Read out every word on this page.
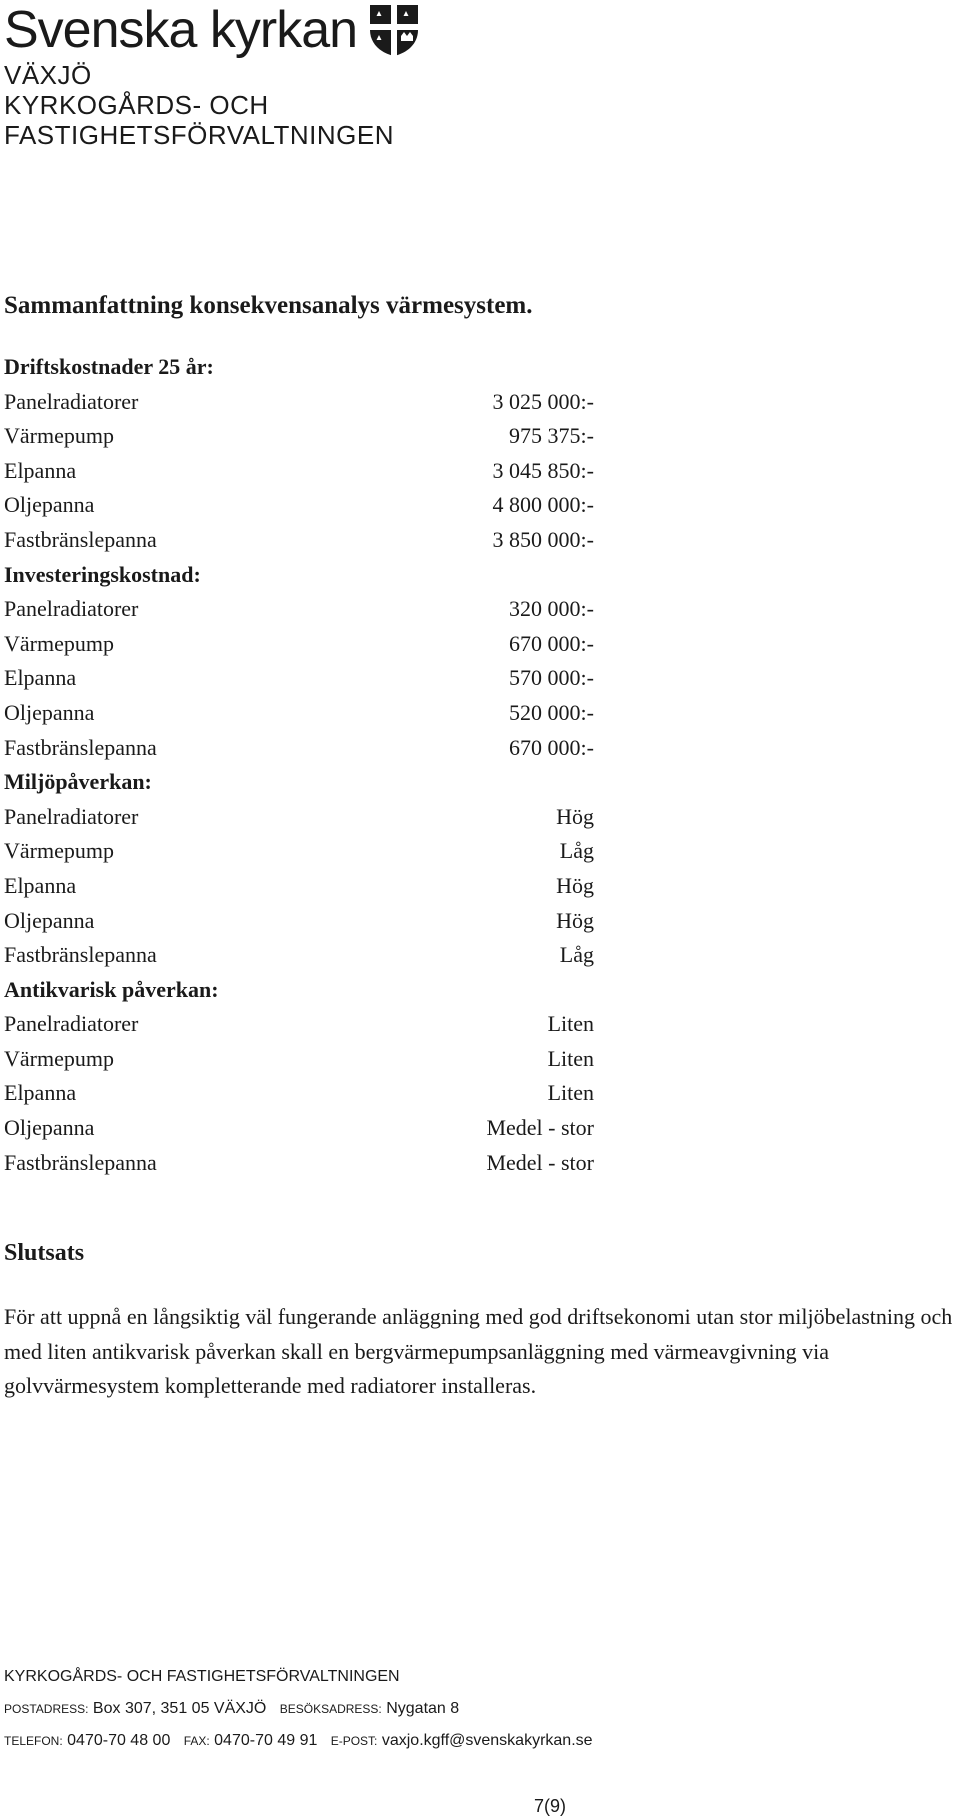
Svenska kyrkan
VÄXJÖ
KYRKOGÅRDS- OCH
FASTIGHETSFÖRVALTNINGEN
Sammanfattning konsekvensanalys värmesystem.
Driftskostnader 25 år:
Panelradiatorer	3 025 000:-
Värmepump	975 375:-
Elpanna	3 045 850:-
Oljepanna	4 800 000:-
Fastbränslepanna	3 850 000:-
Investeringskostnad:
Panelradiatorer	320 000:-
Värmepump	670 000:-
Elpanna	570 000:-
Oljepanna	520 000:-
Fastbränslepanna	670 000:-
Miljöpåverkan:
Panelradiatorer	Hög
Värmepump	Låg
Elpanna	Hög
Oljepanna	Hög
Fastbränslepanna	Låg
Antikvarisk påverkan:
Panelradiatorer	Liten
Värmepump	Liten
Elpanna	Liten
Oljepanna	Medel - stor
Fastbränslepanna	Medel - stor
Slutsats

För att uppnå en långsiktig väl fungerande anläggning med god driftsekonomi utan stor miljöbelastning och med liten antikvarisk påverkan skall en bergvärmepumpsanläggning med värmeavgivning via golvvärmesystem kompletterande med radiatorer installeras.

KYRKOGÅRDS- OCH FASTIGHETSFÖRVALTNINGEN
POSTADRESS: Box 307, 351 05 VÄXJÖ BESÖKSADRESS: Nygatan 8
TELEFON: 0470-70 48 00 FAX: 0470-70 49 91 E-POST: vaxjo.kgff@svenskakyrkan.se
7(9)
